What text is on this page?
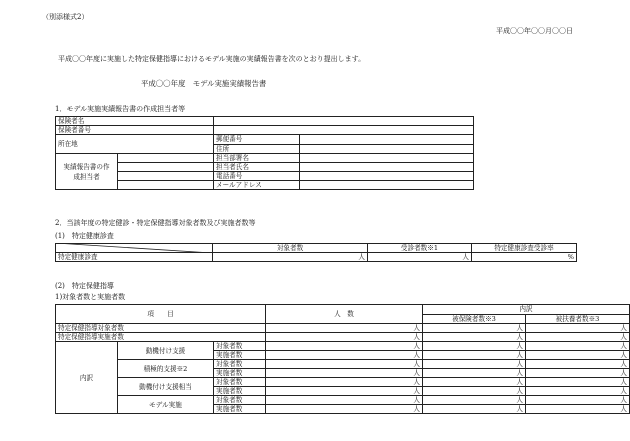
（別添様式2）
平成〇〇年〇〇月〇〇日
平成〇〇年度に実施した特定保健指導におけるモデル実施の実績報告書を次のとおり提出します。
平成〇〇年度　モデル実施実績報告書
1．モデル実施実績報告書の作成担当者等
保険者名			
保険者番号			
所在地		郵便番号	
		住所	
実績報告書の作成担当者		担当部署名	
		担当者氏名	
		電話番号	
		メールアドレス	
2．当該年度の特定健診・特定保健指導対象者数及び実施者数等
(1)　特定健康診査
	対象者数	受診者数※1	特定健康診査受診率
特定健康診査	人	人	%
(2)　特定保健指導
1)対象者数と実施者数
項　　目			人　数	内訳	
				被保険者数※3	被扶養者数※3
特定保健指導対象者数			人	人	人
特定保健指導実施者数			人	人	人
内訳	動機付け支援	対象者数	人	人	人
		実施者数	人	人	人
	積極的支援※2	対象者数	人	人	人
		実施者数	人	人	人
	動機付け支援相当	対象者数	人	人	人
		実施者数	人	人	人
	モデル実施	対象者数	人	人	人
		実施者数	人	人	人
